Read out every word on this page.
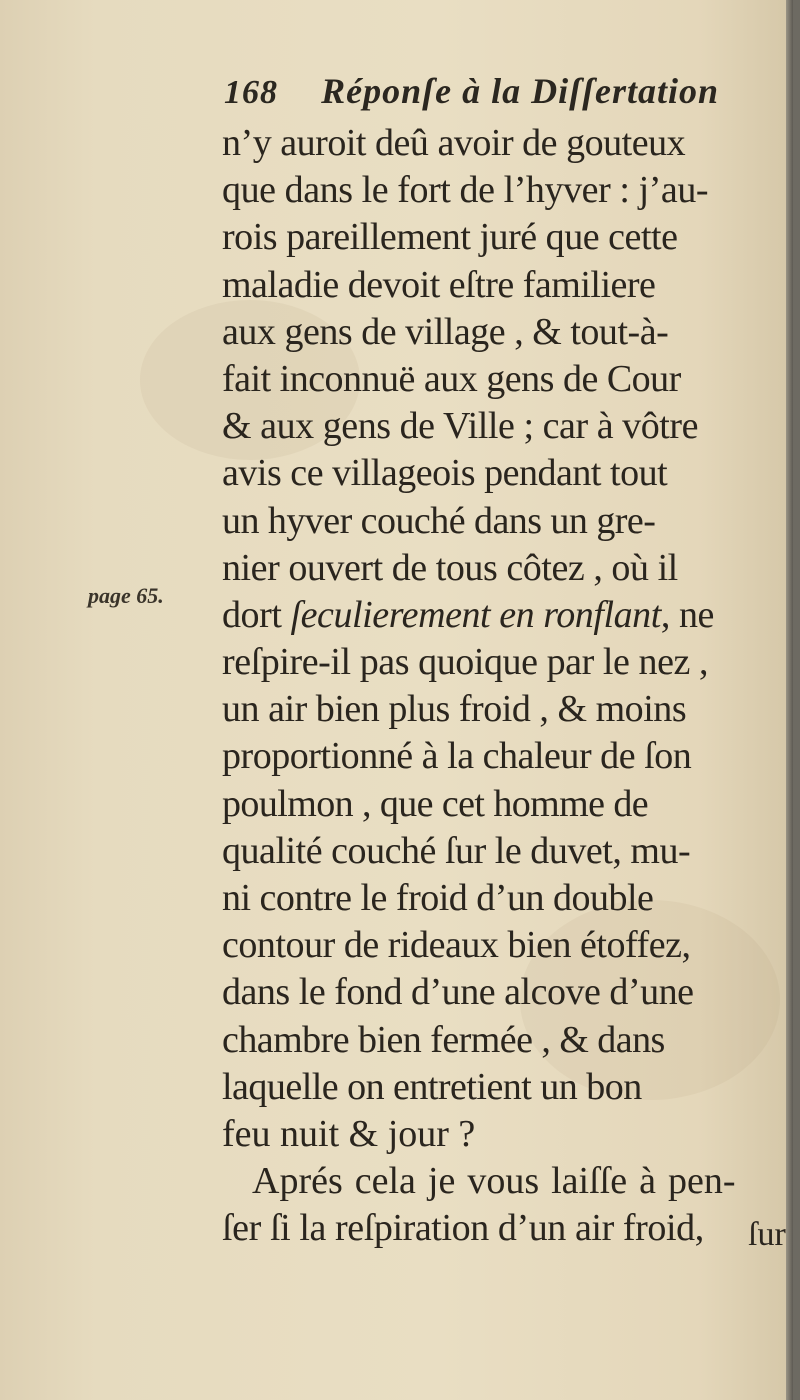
168 Réponſe à la Diſſertation
page 65.
n’y auroit deû avoir de gouteux
que dans le fort de l’hyver : j’au-
rois pareillement juré que cette
maladie devoit eſtre familiere
aux gens de village , & tout-à-
fait inconnuë aux gens de Cour
& aux gens de Ville ; car à vôtre
avis ce villageois pendant tout
un hyver couché dans un gre-
nier ouvert de tous côtez , où il
dort ſeculierement en ronflant, ne
reſpire-il pas quoique par le nez ,
un air bien plus froid , & moins
proportionné à la chaleur de ſon
poulmon , que cet homme de
qualité couché ſur le duvet, mu-
ni contre le froid d’un double
contour de rideaux bien étoffez,
dans le fond d’une alcove d’une
chambre bien fermée , & dans
laquelle on entretient un bon
feu nuit & jour ?
Aprés cela je vous laiſſe à pen-
ſer ſi la reſpiration d’un air froid,	ſur
